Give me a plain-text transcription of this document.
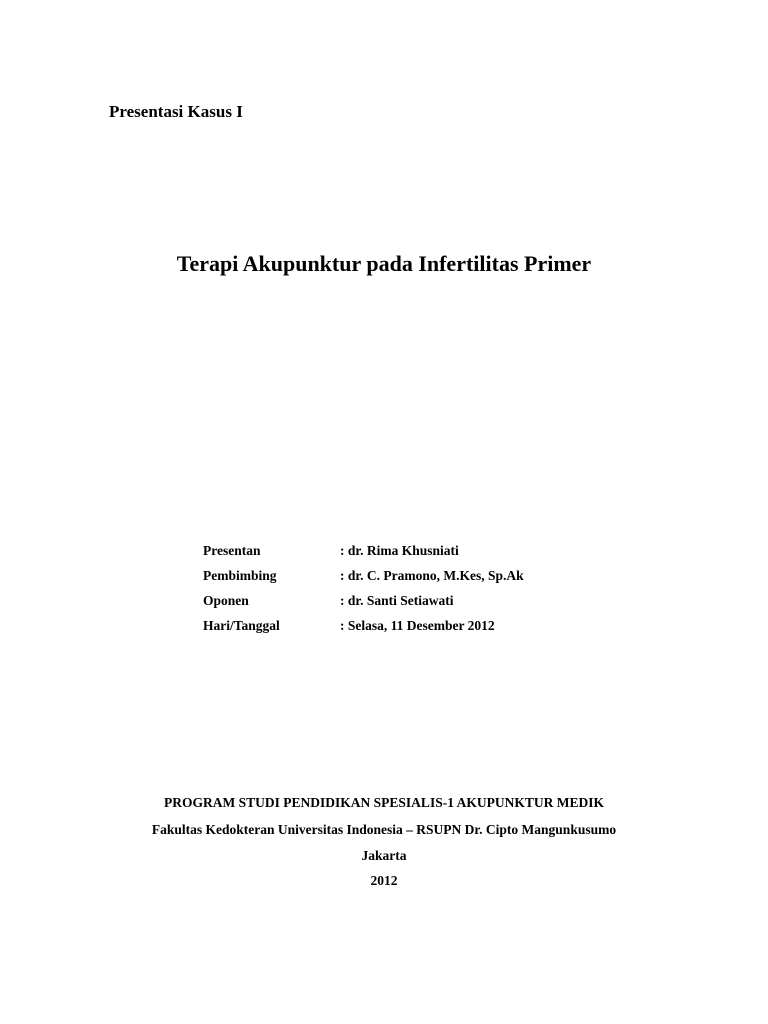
Presentasi Kasus I
Terapi Akupunktur pada Infertilitas Primer
Presentan	: dr. Rima Khusniati
Pembimbing	: dr. C. Pramono, M.Kes, Sp.Ak
Oponen	: dr. Santi Setiawati
Hari/Tanggal	: Selasa, 11 Desember 2012
PROGRAM STUDI PENDIDIKAN SPESIALIS-1 AKUPUNKTUR MEDIK
Fakultas Kedokteran Universitas Indonesia – RSUPN Dr. Cipto Mangunkusumo
Jakarta
2012
